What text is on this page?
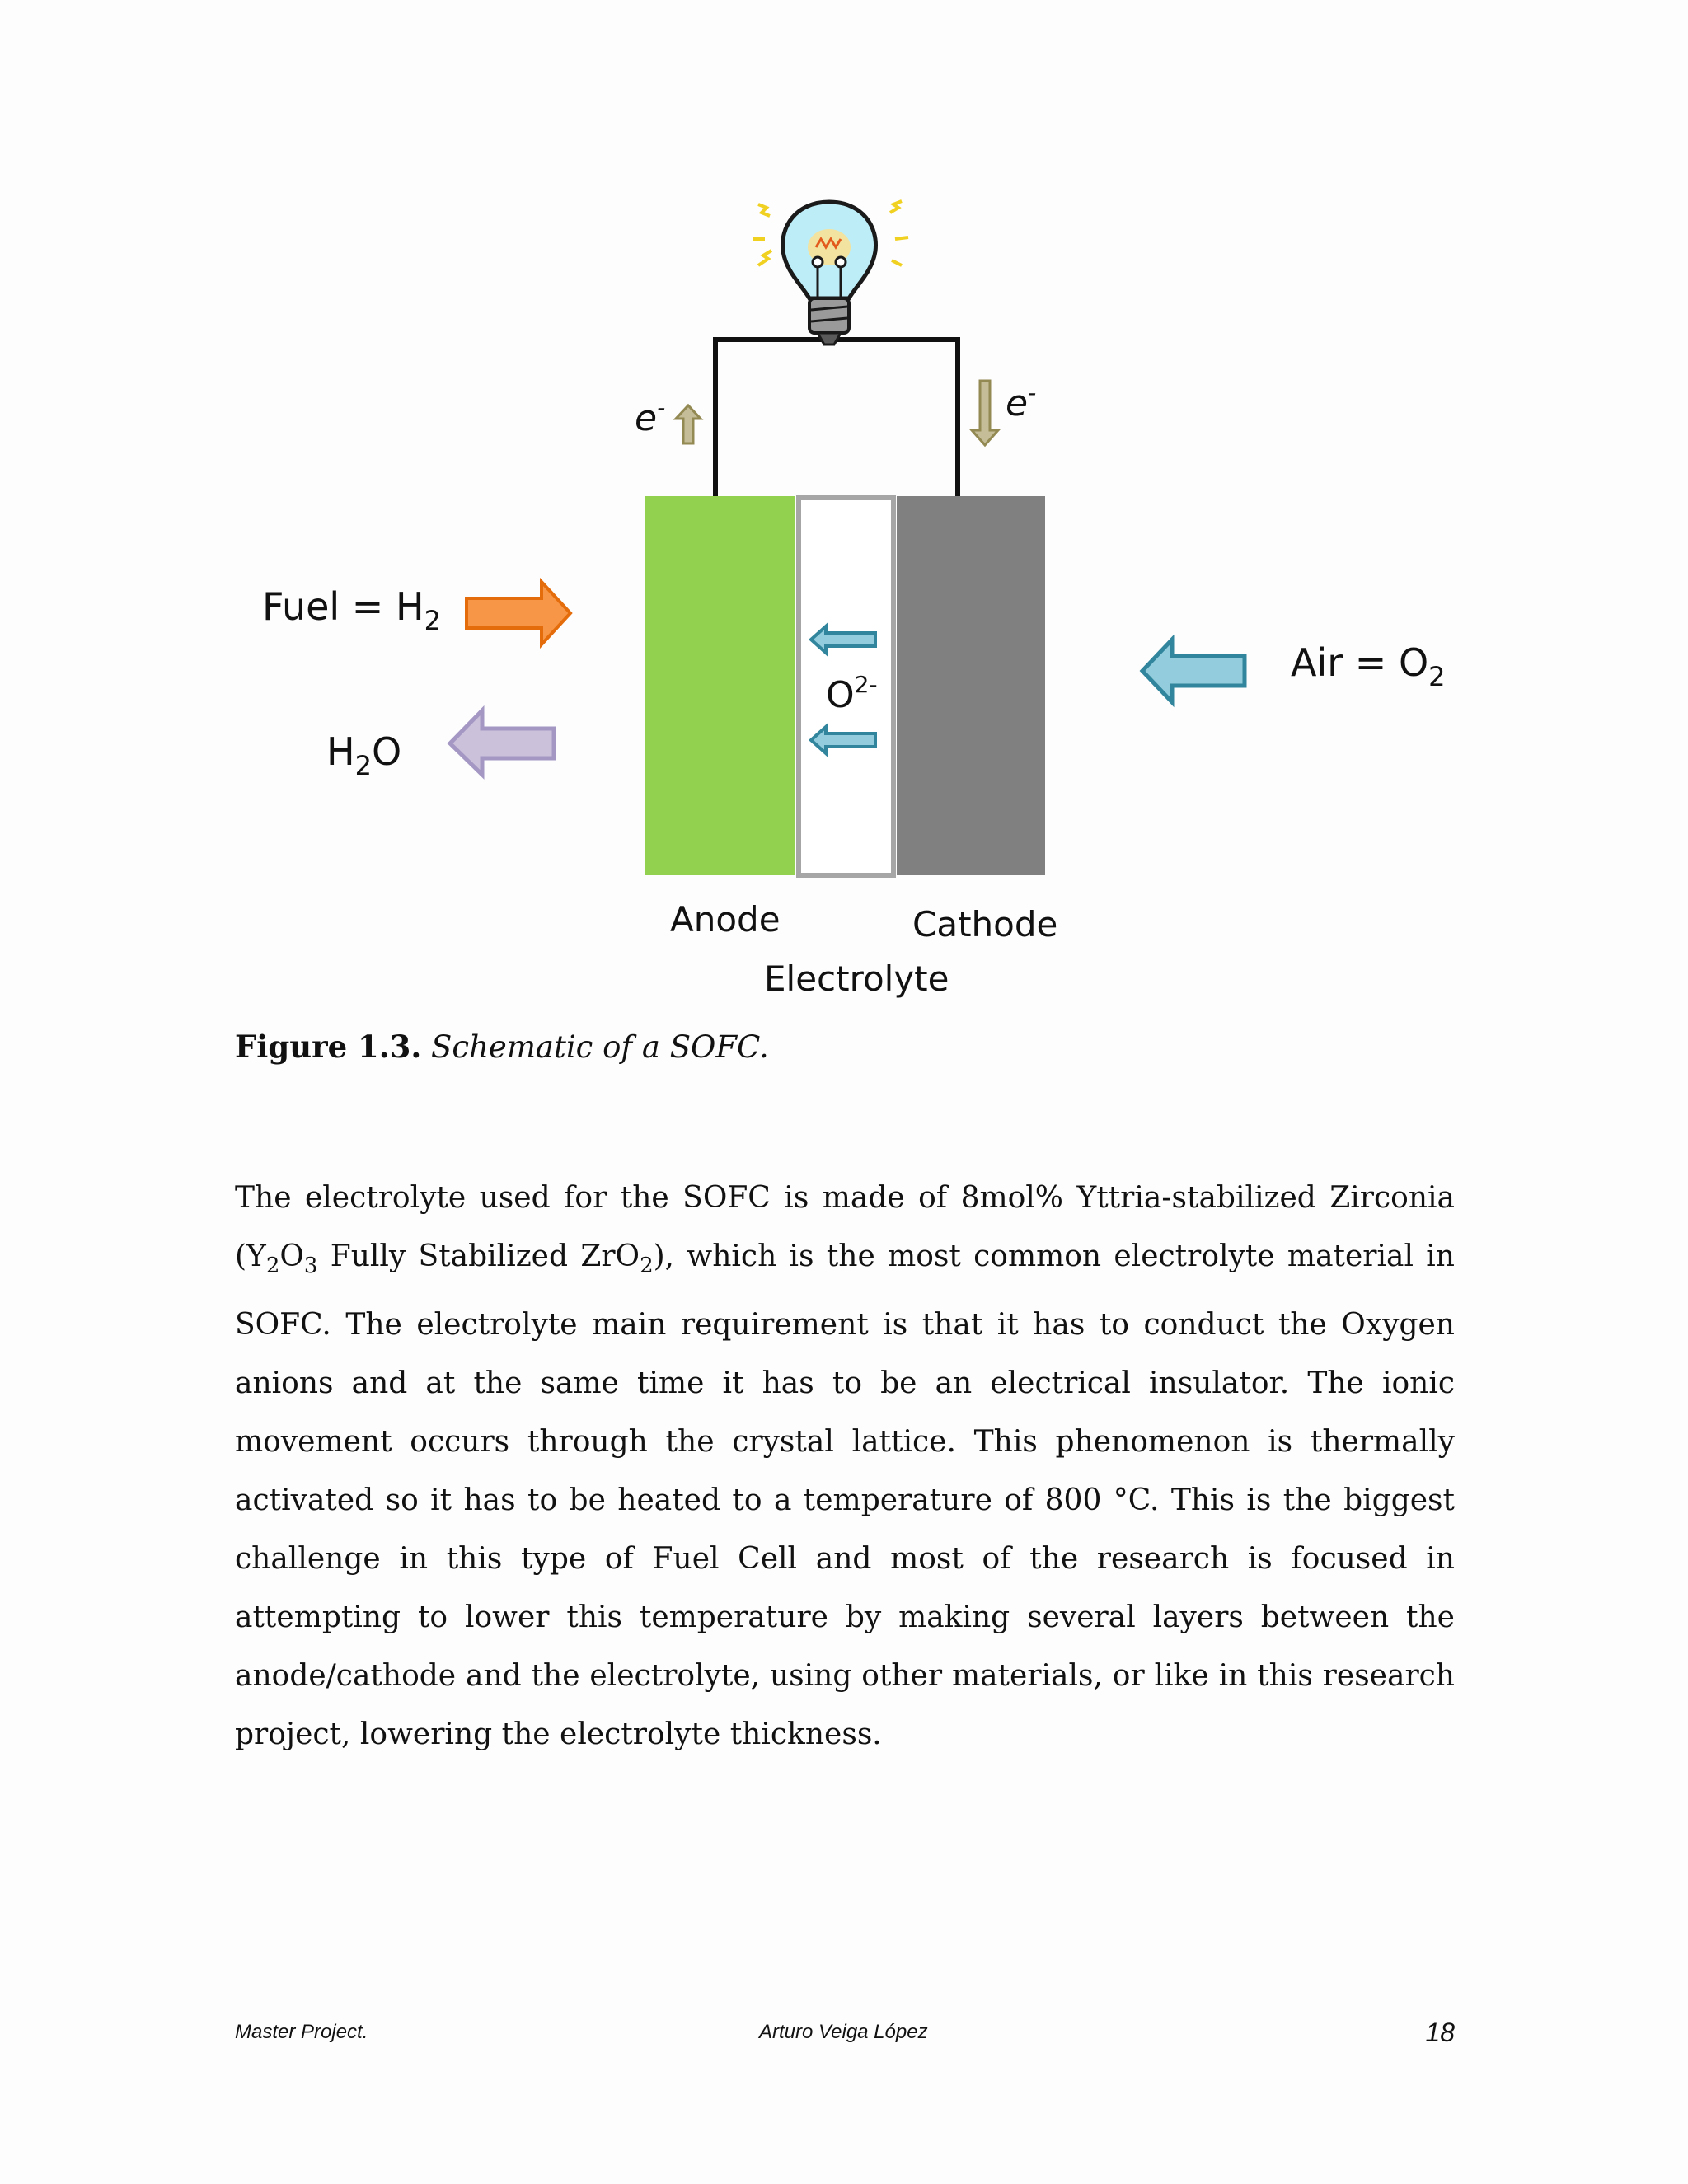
Fuel = $H_2$
$H_2O$
Air = $O_2$
$O^{2-}$
e-	e-
Anode	Cathode
Electrolyte
Figure 1.3. Schematic of a SOFC.

The electrolyte used for the SOFC is made of 8mol% Yttria-stabilized Zirconia ($Y_2O_3$ Fully Stabilized ZrO$_2$), which is the most common electrolyte material in SOFC. The electrolyte main requirement is that it has to conduct the Oxygen anions and at the same time it has to be an electrical insulator. The ionic movement occurs through the crystal lattice. This phenomenon is thermally activated so it has to be heated to a temperature of 800 °C. This is the biggest challenge in this type of Fuel Cell and most of the research is focused in attempting to lower this temperature by making several layers between the anode/cathode and the electrolyte, using other materials, or like in this research project, lowering the electrolyte thickness.

Master Project.	Arturo Veiga López	18
